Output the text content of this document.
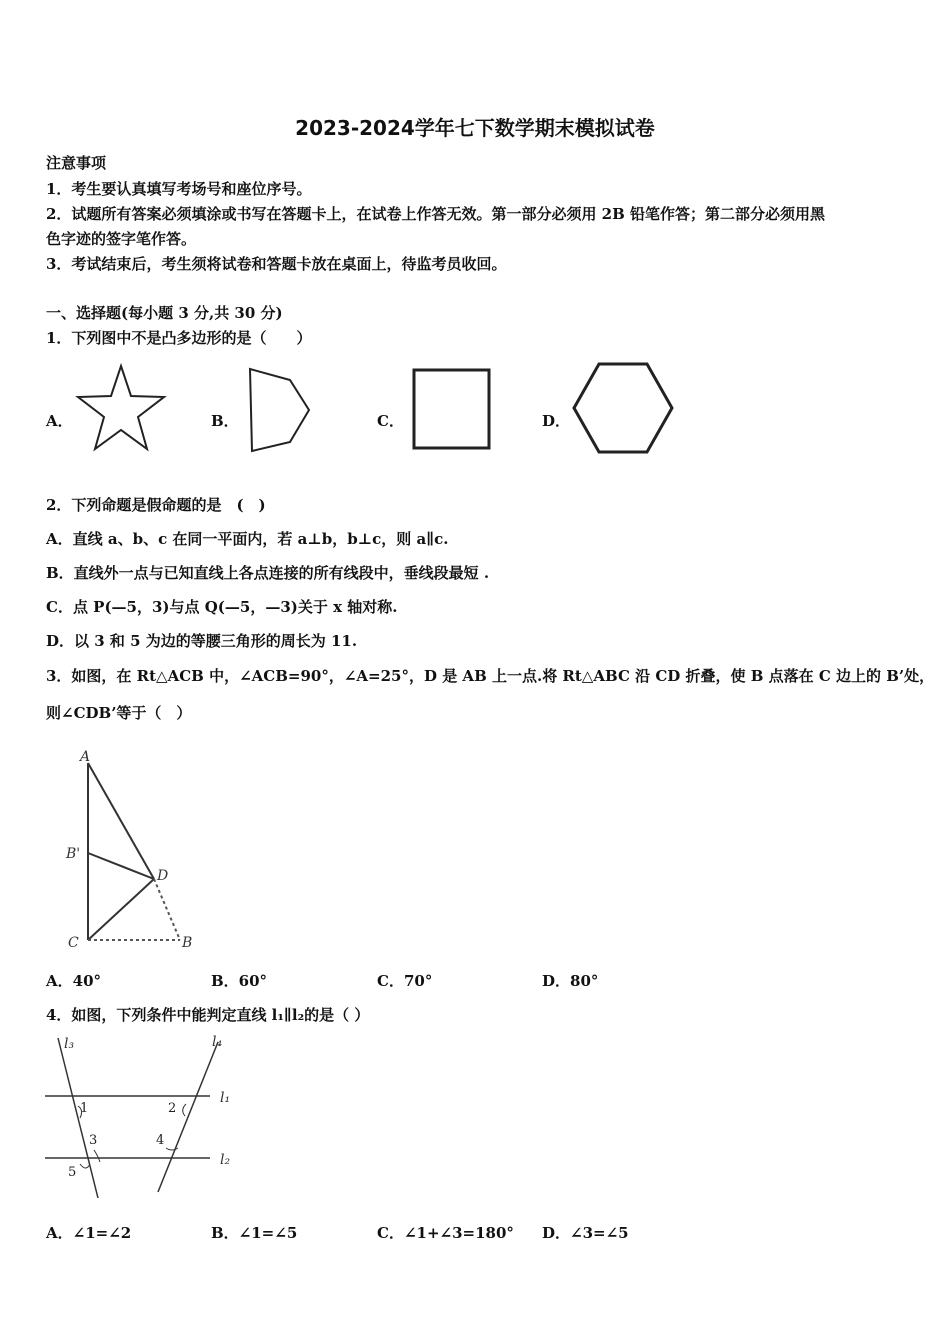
2023-2024学年七下数学期末模拟试卷
注意事项
1．考生要认真填写考场号和座位序号。
2．试题所有答案必须填涂或书写在答题卡上，在试卷上作答无效。第一部分必须用 2B 铅笔作答；第二部分必须用黑
色字迹的签字笔作答。
3．考试结束后，考生须将试卷和答题卡放在桌面上，待监考员收回。
一、选择题(每小题 3 分,共 30 分)
1．下列图中不是凸多边形的是（　　）
A．	B．	C．	D．
2．下列命题是假命题的是　(　)
A．直线 a、b、c 在同一平面内，若 a⊥b，b⊥c，则 a∥c.
B．直线外一点与已知直线上各点连接的所有线段中，垂线段最短 .
C．点 P(—5，3)与点 Q(—5，—3)关于 x 轴对称.
D．以 3 和 5 为边的等腰三角形的周长为 11.
3．如图，在 Rt△ACB 中，∠ACB=90°，∠A=25°，D 是 AB 上一点.将 Rt△ABC 沿 CD 折叠，使 B 点落在 C 边上的 B’处，
则∠CDB’等于（　）
A
B'
D
C	B
A．40°	B．60°	C．70°	D．80°
4．如图，下列条件中能判定直线 l₁∥l₂的是（ ）
l₃	l₄
l₁
l₂
1	2
3	4
5
A．∠1=∠2	B．∠1=∠5	C．∠1+∠3=180° D．∠3=∠5
